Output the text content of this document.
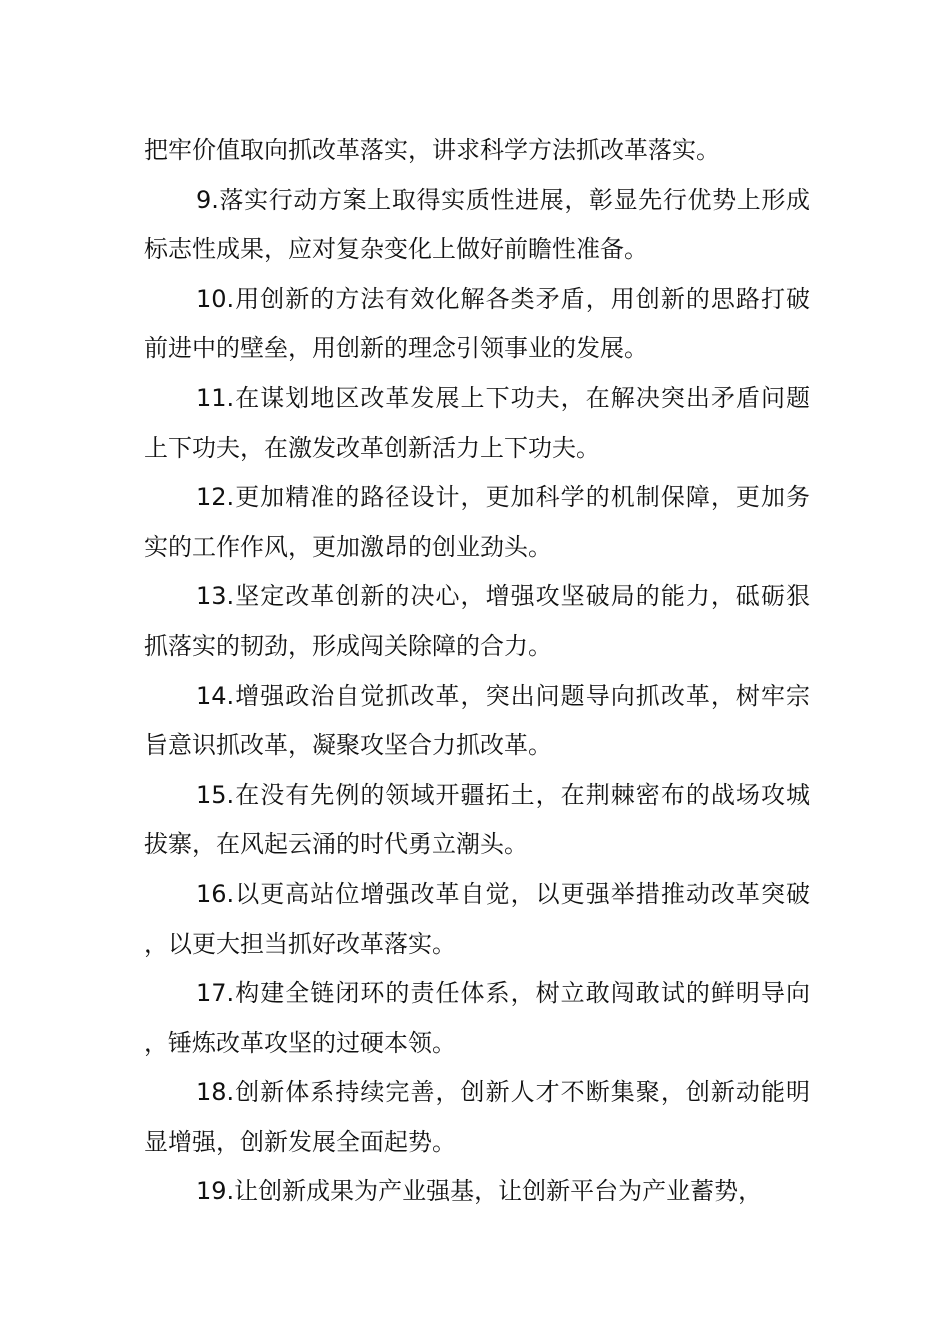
把牢价值取向抓改革落实，讲求科学方法抓改革落实。

9.落实行动方案上取得实质性进展，彰显先行优势上形成标志性成果，应对复杂变化上做好前瞻性准备。

10.用创新的方法有效化解各类矛盾，用创新的思路打破前进中的壁垒，用创新的理念引领事业的发展。

11.在谋划地区改革发展上下功夫，在解决突出矛盾问题上下功夫，在激发改革创新活力上下功夫。

12.更加精准的路径设计，更加科学的机制保障，更加务实的工作作风，更加激昂的创业劲头。

13.坚定改革创新的决心，增强攻坚破局的能力，砥砺狠抓落实的韧劲，形成闯关除障的合力。

14.增强政治自觉抓改革，突出问题导向抓改革，树牢宗旨意识抓改革，凝聚攻坚合力抓改革。

15.在没有先例的领域开疆拓土，在荆棘密布的战场攻城拔寨，在风起云涌的时代勇立潮头。

16.以更高站位增强改革自觉，以更强举措推动改革突破，以更大担当抓好改革落实。

17.构建全链闭环的责任体系，树立敢闯敢试的鲜明导向，锤炼改革攻坚的过硬本领。

18.创新体系持续完善，创新人才不断集聚，创新动能明显增强，创新发展全面起势。

19.让创新成果为产业强基，让创新平台为产业蓄势，
